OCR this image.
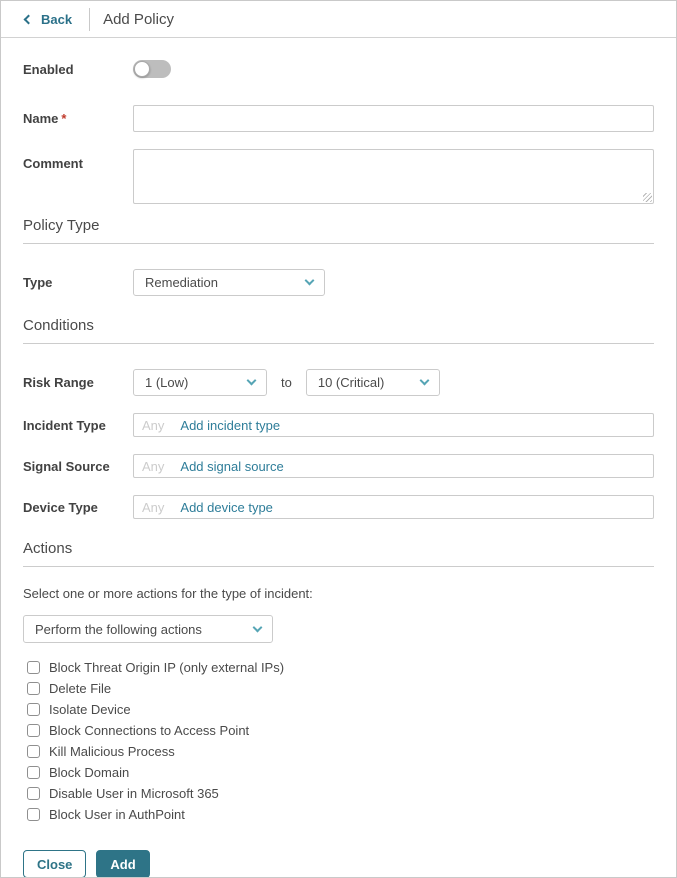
Back Add Policy
Enabled
Name *
Comment
Policy Type
Type	Remediation
Conditions
Risk Range	1 (Low)	to 10 (Critical)
Incident Type	Any Add incident type
Signal Source	Any Add signal source
Device Type	Any Add device type
Actions
Select one or more actions for the type of incident:
Perform the following actions
Block Threat Origin IP (only external IPs)
Delete File
Isolate Device
Block Connections to Access Point
Kill Malicious Process
Block Domain
Disable User in Microsoft 365
Block User in AuthPoint
Close	Add
